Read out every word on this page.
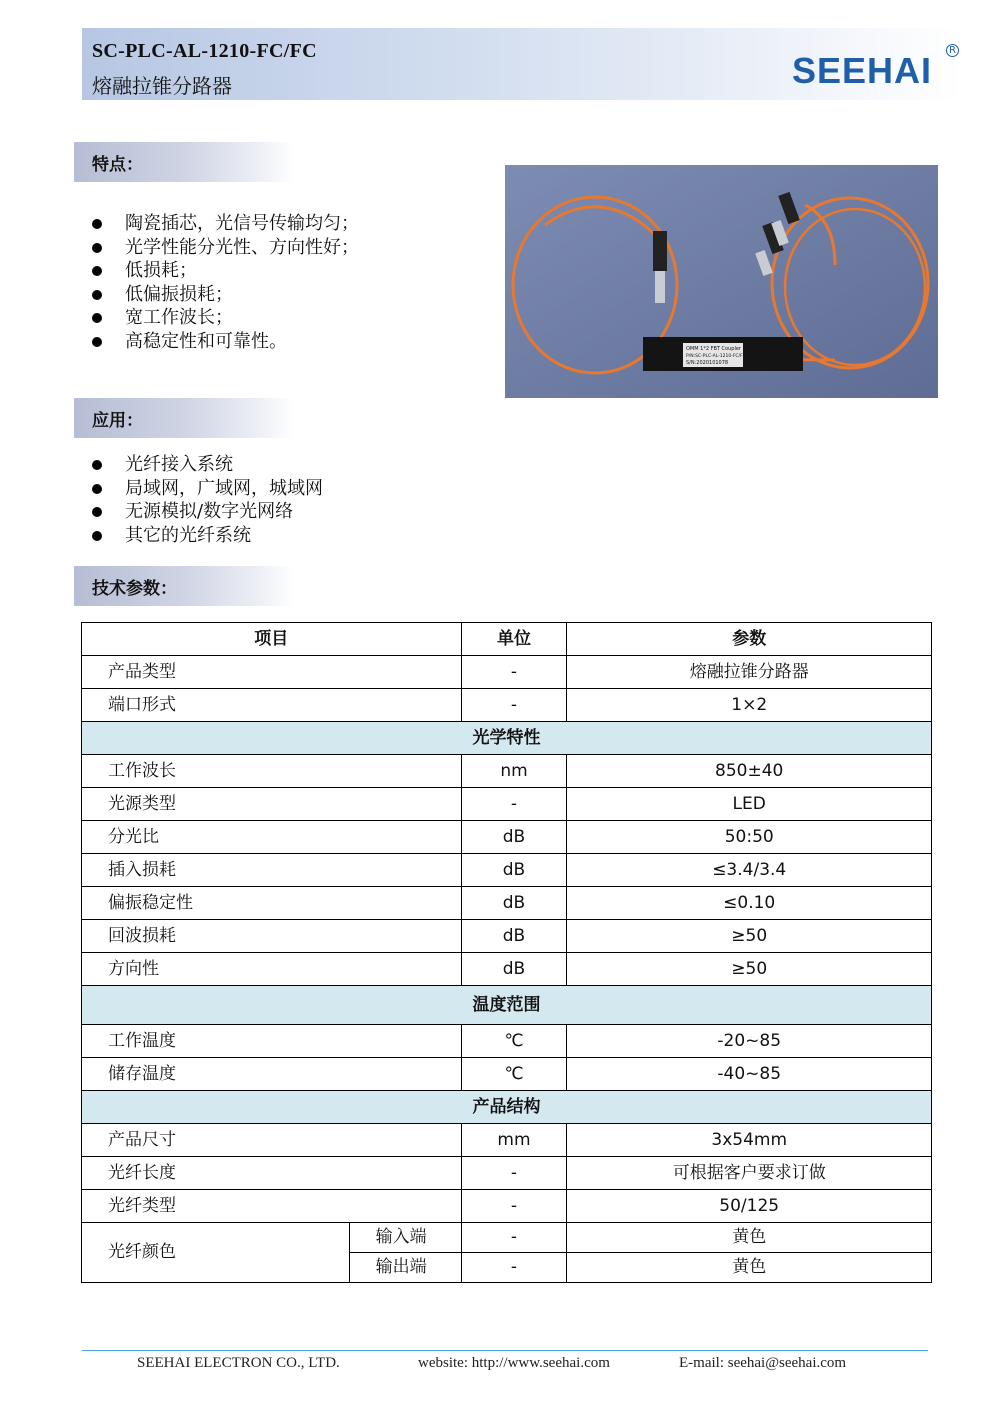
SC-PLC-AL-1210-FC/FC
熔融拉锥分路器	SEEHAI	R
特点：
陶瓷插芯，光信号传输均匀；
光学性能分光性、方向性好；
低损耗；
低偏振损耗；
宽工作波长；
高稳定性和可靠性。	OMM 1*2 FBT Coupler
P/N:SC-PLC-AL-1210-FC/FC
S/N:2020101078
应用：
光纤接入系统
局域网，广域网，城域网
无源模拟/数字光网络
其它的光纤系统
技术参数：
项目		单位	参数
产品类型		-	熔融拉锥分路器
端口形式		-	1×2
光学特性			
工作波长		nm	850±40
光源类型		-	LED
分光比		dB	50:50
插入损耗		dB	≤3.4/3.4
偏振稳定性		dB	≤0.10
回波损耗		dB	≥50
方向性		dB	≥50
温度范围			
工作温度		℃	-20~85
储存温度		℃	-40~85
产品结构			
产品尺寸		mm	3x54mm
光纤长度		-	可根据客户要求订做
光纤类型		-	50/125
光纤颜色	输入端	-	黄色
	输出端	-	黄色
SEEHAI ELECTRON CO., LTD.	website: http://www.seehai.com	E-mail: seehai@seehai.com
